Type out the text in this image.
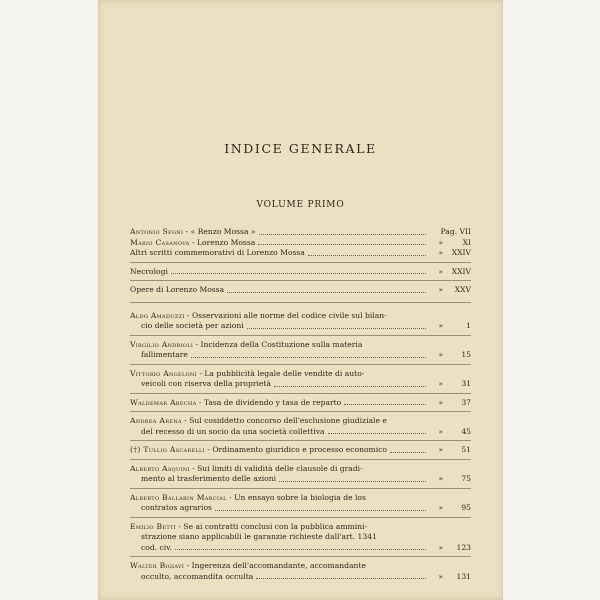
INDICE GENERALE
VOLUME PRIMO
Antonio Segni - « Renzo Mossa »	Pag. VII
Mario Casanova - Lorenzo Mossa	»	XI
Altri scritti commemorativi di Lorenzo Mossa	»	XXIV
Necrologi	»	XXIV
Opere di Lorenzo Mossa	»	XXV
Aldo Amaduzzi - Osservazioni alle norme del codice civile sul bilan-
cio delle società per azioni	»	1
Virgilio Andrioli - Incidenza della Costituzione sulla materia
fallimentare	»	15
Vittorio Angeloni - La pubblicità legale delle vendite di auto-
veicoli con riserva della proprietà	»	31
Waldemar Arecha - Tasa de dividendo y tasa de reparto	»	37
Andrea Arena - Sul cosiddetto concorso dell'esclusione giudiziale e
del recesso di un socio da una società collettiva	»	45
(†) Tullio Ascarelli - Ordinamento giuridico e processo economico	»	51
Alberto Asquini - Sui limiti di validità delle clausole di gradi-
mento al trasferimento delle azioni	»	75
Alberto Ballarin Marcial - Un ensayo sobre la biologia de los
contratos agrarios	»	95
Emilio Betti - Se ai contratti conclusi con la pubblica ammini-
strazione siano applicabili le garanzie richieste dall'art. 1341
cod. civ.	»	123
Walter Bigiavi - Ingerenza dell'accomandante, accomandante
occulto, accomandita occulta	»	131
